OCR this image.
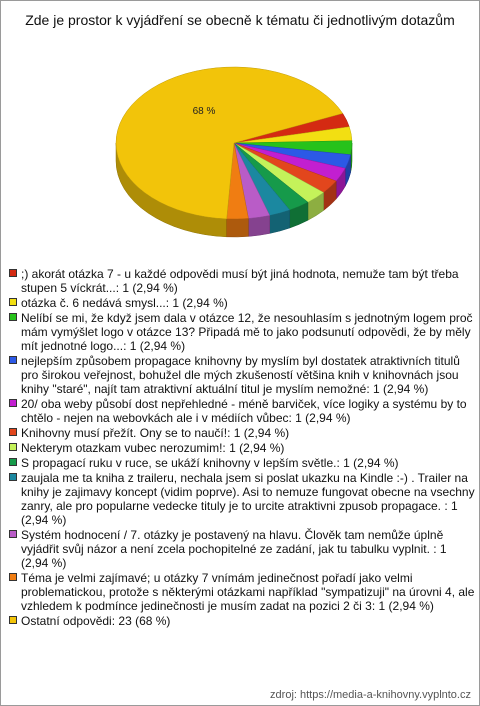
Zde je prostor k vyjádření se obecně k tématu či jednotlivým dotazům
68 %
;) akorát otázka 7 - u každé odpovědi musí být jiná hodnota, nemuže tam být třeba stupen 5 víckrát...: 1 (2,94 %)
otázka č. 6 nedává smysl...: 1 (2,94 %)
Nelíbí se mi, že když jsem dala v otázce 12, že nesouhlasím s jednotným logem proč mám vymýšlet logo v otázce 13? Připadá mě to jako podsunutí odpovědi, že by měly mít jednotné logo...: 1 (2,94 %)
nejlepším způsobem propagace knihovny by myslím byl dostatek atraktivních titulů pro širokou veřejnost, bohužel dle mých zkušeností většina knih v knihovnách jsou knihy "staré", najít tam atraktivní aktuální titul je myslím nemožné: 1 (2,94 %)
20/ oba weby působí dost nepřehledné - méně barviček, více logiky a systému by to chtělo - nejen na webovkách ale i v médiích vůbec: 1 (2,94 %)
Knihovny musí přežít. Ony se to naučí!: 1 (2,94 %)
Nekterym otazkam vubec nerozumim!: 1 (2,94 %)
S propagací ruku v ruce, se ukáží knihovny v lepším světle.: 1 (2,94 %)
zaujala me ta kniha z traileru, nechala jsem si poslat ukazku na Kindle :-) . Trailer na knihy je zajimavy koncept (vidim poprve). Asi to nemuze fungovat obecne na vsechny zanry, ale pro popularne vedecke tituly je to urcite atraktivni zpusob propagace. : 1 (2,94 %)
Systém hodnocení / 7. otázky je postavený na hlavu. Člověk tam nemůže úplně vyjádřit svůj názor a není zcela pochopitelné ze zadání, jak tu tabulku vyplnit. : 1 (2,94 %)
Téma je velmi zajímavé; u otázky 7 vnímám jedinečnost pořadí jako velmi problematickou, protože s některými otázkami například "sympatizuji" na úrovni 4, ale vzhledem k podmínce jedinečnosti je musím zadat na pozici 2 či 3: 1 (2,94 %)
Ostatní odpovědi: 23 (68 %)
zdroj: https://media-a-knihovny.vyplnto.cz
